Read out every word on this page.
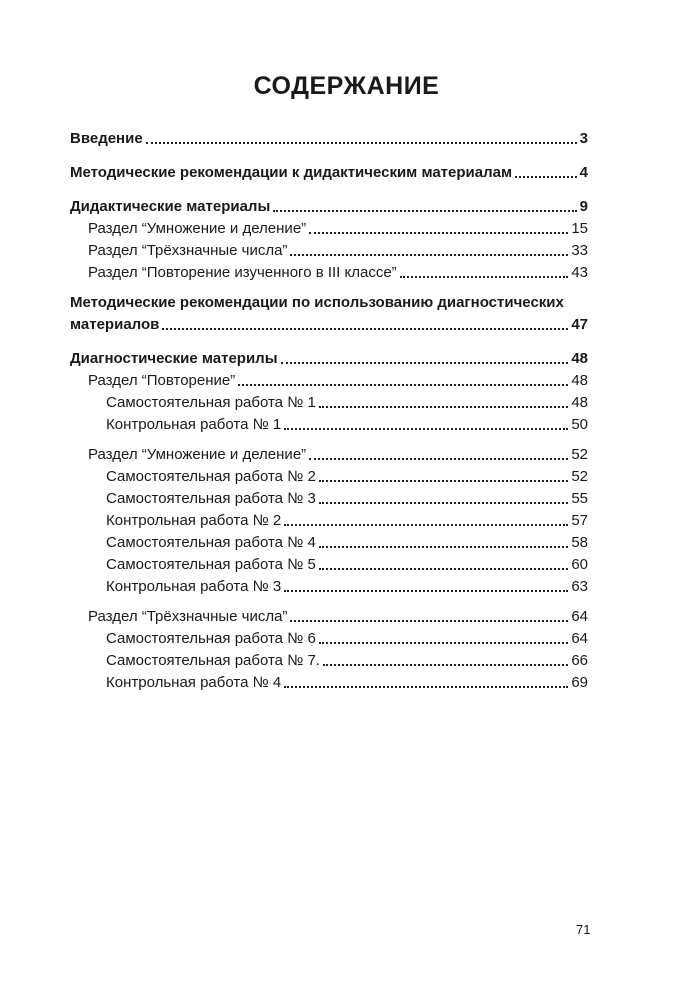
СОДЕРЖАНИЕ
Введение	3
Методические рекомендации к дидактическим материалам	4
Дидактические материалы	9
Раздел “Умножение и деление”	15
Раздел “Трёхзначные числа”	33
Раздел “Повторение изученного в III классе”	43
Методические рекомендации по использованию диагностических
материалов	47
Диагностические материлы	48
Раздел “Повторение”	48
Самостоятельная работа № 1	48
Контрольная работа № 1	50
Раздел “Умножение и деление”	52
Самостоятельная работа № 2	52
Самостоятельная работа № 3	55
Контрольная работа № 2	57
Самостоятельная работа № 4	58
Самостоятельная работа № 5	60
Контрольная работа № 3	63
Раздел “Трёхзначные числа”	64
Самостоятельная работа № 6	64
Самостоятельная работа № 7.	66
Контрольная работа № 4	69
71
